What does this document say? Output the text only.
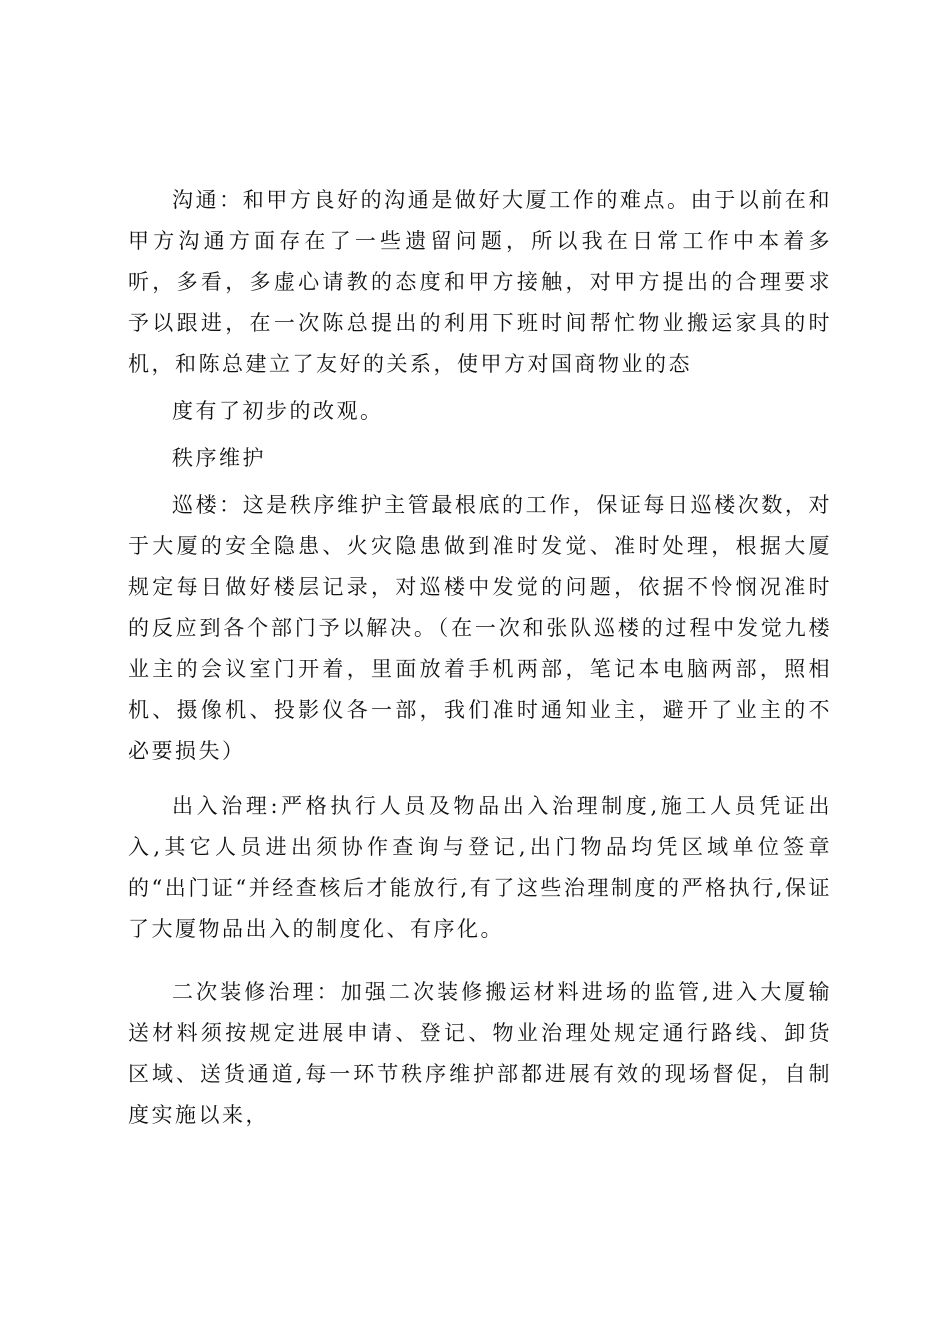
沟通：和甲方良好的沟通是做好大厦工作的难点。由于以前在和甲方沟通方面存在了一些遗留问题，所以我在日常工作中本着多听，多看，多虚心请教的态度和甲方接触，对甲方提出的合理要求予以跟进，在一次陈总提出的利用下班时间帮忙物业搬运家具的时机，和陈总建立了友好的关系，使甲方对国商物业的态

度有了初步的改观。

秩序维护

巡楼：这是秩序维护主管最根底的工作，保证每日巡楼次数，对于大厦的安全隐患、火灾隐患做到准时发觉、准时处理，根据大厦规定每日做好楼层记录，对巡楼中发觉的问题，依据不怜悯况准时的反应到各个部门予以解决。（在一次和张队巡楼的过程中发觉九楼业主的会议室门开着，里面放着手机两部，笔记本电脑两部，照相机、摄像机、投影仪各一部，我们准时通知业主，避开了业主的不必要损失）

出入治理:严格执行人员及物品出入治理制度,施工人员凭证出入,其它人员进出须协作查询与登记,出门物品均凭区域单位签章的“出门证“并经查核后才能放行,有了这些治理制度的严格执行,保证了大厦物品出入的制度化、有序化。

二次装修治理：加强二次装修搬运材料进场的监管,进入大厦输送材料须按规定进展申请、登记、物业治理处规定通行路线、卸货区域、送货通道,每一环节秩序维护部都进展有效的现场督促，自制度实施以来，
